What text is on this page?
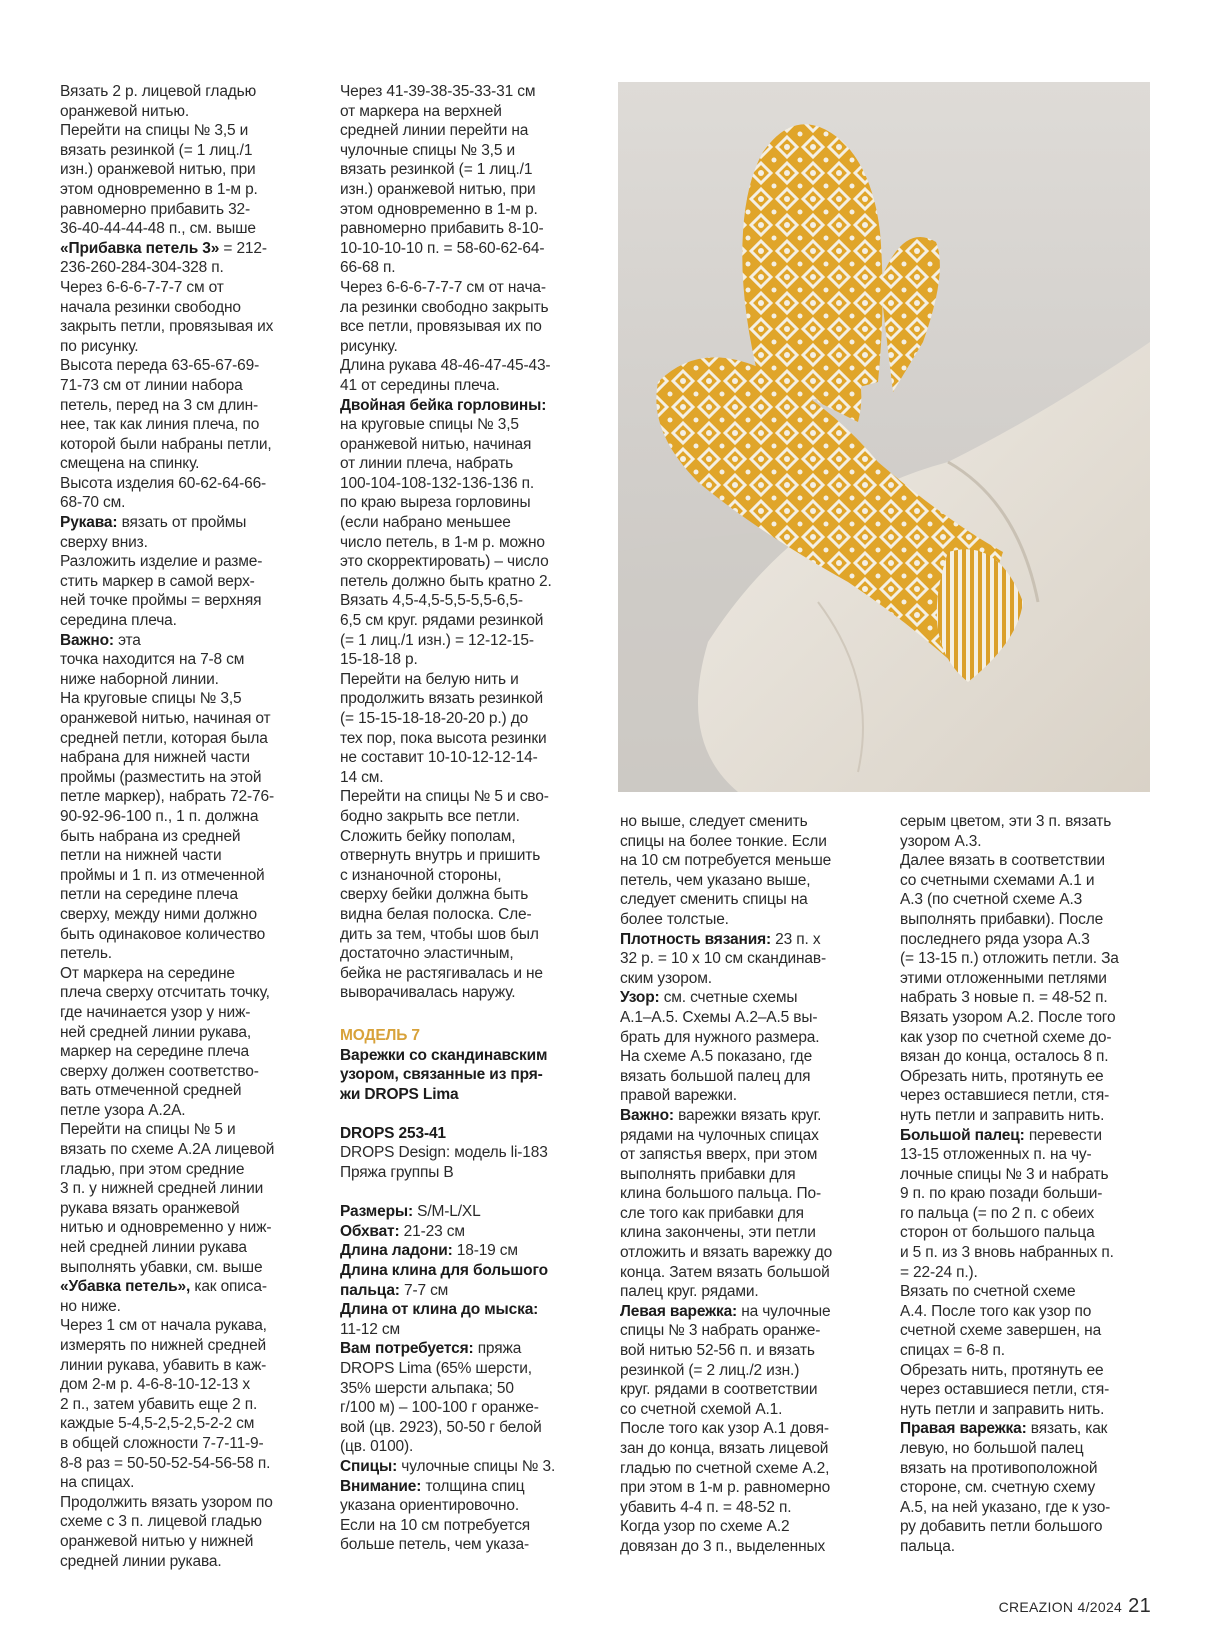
Вязать 2 р. лицевой гладью
оранжевой нитью.

Перейти на спицы № 3,5 и
вязать резинкой (= 1 лиц./1
изн.) оранжевой нитью, при
этом одновременно в 1-м р.
равномерно прибавить 32-
36-40-44-44-48 п., см. выше

«Прибавка петель 3» = 212-
236-260-284-304-328 п.

Через 6-6-6-7-7-7 см от
начала резинки свободно
закрыть петли, провязывая их
по рисунку.

Высота переда 63-65-67-69-
71-73 см от линии набора
петель, перед на 3 см длин-
нее, так как линия плеча, по
которой были набраны петли,
смещена на спинку.

Высота изделия 60-62-64-66-
68-70 см.

Рукава: вязать от проймы
сверху вниз.

Разложить изделие и разме-
стить маркер в самой верх-
ней точке проймы = верхняя
середина плеча.

Важно: эта
точка находится на 7-8 см
ниже наборной линии.

На круговые спицы № 3,5
оранжевой нитью, начиная от
средней петли, которая была
набрана для нижней части
проймы (разместить на этой
петле маркер), набрать 72-76-
90-92-96-100 п., 1 п. должна
быть набрана из средней
петли на нижней части
проймы и 1 п. из отмеченной
петли на середине плеча
сверху, между ними должно
быть одинаковое количество
петель.

От маркера на середине
плеча сверху отсчитать точку,
где начинается узор у ниж-
ней средней линии рукава,
маркер на середине плеча
сверху должен соответство-
вать отмеченной средней
петле узора А.2А.

Перейти на спицы № 5 и
вязать по схеме А.2А лицевой
гладью, при этом средние
3 п. у нижней средней линии
рукава вязать оранжевой
нитью и одновременно у ниж-
ней средней линии рукава
выполнять убавки, см. выше

«Убавка петель», как описа-
но ниже.

Через 1 см от начала рукава,
измерять по нижней средней
линии рукава, убавить в каж-
дом 2-м р. 4-6-8-10-12-13 х
2 п., затем убавить еще 2 п.
каждые 5-4,5-2,5-2,5-2-2 см
в общей сложности 7-7-11-9-
8-8 раз = 50-50-52-54-56-58 п.
на спицах.

Продолжить вязать узором по
схеме с 3 п. лицевой гладью
оранжевой нитью у нижней
средней линии рукава.

Через 41-39-38-35-33-31 см
от маркера на верхней
средней линии перейти на
чулочные спицы № 3,5 и
вязать резинкой (= 1 лиц./1
изн.) оранжевой нитью, при
этом одновременно в 1-м р.
равномерно прибавить 8-10-
10-10-10-10 п. = 58-60-62-64-
66-68 п.

Через 6-6-6-7-7-7 см от нача-
ла резинки свободно закрыть
все петли, провязывая их по
рисунку.

Длина рукава 48-46-47-45-43-
41 от середины плеча.

Двойная бейка горловины:
на круговые спицы № 3,5
оранжевой нитью, начиная
от линии плеча, набрать
100-104-108-132-136-136 п.
по краю выреза горловины
(если набрано меньшее
число петель, в 1-м р. можно
это скорректировать) – число
петель должно быть кратно 2.
Вязать 4,5-4,5-5,5-5,5-6,5-
6,5 см круг. рядами резинкой
(= 1 лиц./1 изн.) = 12-12-15-
15-18-18 р.

Перейти на белую нить и
продолжить вязать резинкой
(= 15-15-18-18-20-20 р.) до
тех пор, пока высота резинки
не составит 10-10-12-12-14-
14 см.

Перейти на спицы № 5 и сво-
бодно закрыть все петли.
Сложить бейку пополам,
отвернуть внутрь и пришить
с изнаночной стороны,
сверху бейки должна быть
видна белая полоска. Сле-
дить за тем, чтобы шов был
достаточно эластичным,
бейка не растягивалась и не
выворачивалась наружу.

МОДЕЛЬ 7

Варежки со скандинавским
узором, связанные из пря-
жи DROPS Lima

DROPS 253-41

DROPS Design: модель li-183
Пряжа группы B

Размеры: S/M-L/XL

Обхват: 21-23 см

Длина ладони: 18-19 см

Длина клина для большого
пальца: 7-7 см

Длина от клина до мыска:
11-12 см

Вам потребуется: пряжа
DROPS Lima (65% шерсти,
35% шерсти альпака; 50
г/100 м) – 100-100 г оранже-
вой (цв. 2923), 50-50 г белой
(цв. 0100).

Спицы: чулочные спицы № 3.

Внимание: толщина спиц
указана ориентировочно.
Если на 10 см потребуется
больше петель, чем указа-

но выше, следует сменить
спицы на более тонкие. Если
на 10 см потребуется меньше
петель, чем указано выше,
следует сменить спицы на
более толстые.

Плотность вязания: 23 п. х
32 р. = 10 х 10 см скандинав-
ским узором.

Узор: см. счетные схемы
А.1–А.5. Схемы А.2–А.5 вы-
брать для нужного размера.
На схеме А.5 показано, где
вязать большой палец для
правой варежки.

Важно: варежки вязать круг.
рядами на чулочных спицах
от запястья вверх, при этом
выполнять прибавки для
клина большого пальца. По-
сле того как прибавки для
клина закончены, эти петли
отложить и вязать варежку до
конца. Затем вязать большой
палец круг. рядами.

Левая варежка: на чулочные
спицы № 3 набрать оранже-
вой нитью 52-56 п. и вязать
резинкой (= 2 лиц./2 изн.)
круг. рядами в соответствии
со счетной схемой А.1.

После того как узор А.1 довя-
зан до конца, вязать лицевой
гладью по счетной схеме А.2,
при этом в 1-м р. равномерно
убавить 4-4 п. = 48-52 п.

Когда узор по схеме А.2
довязан до 3 п., выделенных

серым цветом, эти 3 п. вязать
узором А.3.

Далее вязать в соответствии
со счетными схемами А.1 и
А.3 (по счетной схеме А.3
выполнять прибавки). После
последнего ряда узора А.3
(= 13-15 п.) отложить петли. За
этими отложенными петлями
набрать 3 новые п. = 48-52 п.

Вязать узором А.2. После того
как узор по счетной схеме до-
вязан до конца, осталось 8 п.
Обрезать нить, протянуть ее
через оставшиеся петли, стя-
нуть петли и заправить нить.

Большой палец: перевести
13-15 отложенных п. на чу-
лочные спицы № 3 и набрать
9 п. по краю позади больши-
го пальца (= по 2 п. с обеих
сторон от большого пальца
и 5 п. из 3 вновь набранных п.
= 22-24 п.).

Вязать по счетной схеме
А.4. После того как узор по
счетной схеме завершен, на
спицах = 6-8 п.

Обрезать нить, протянуть ее
через оставшиеся петли, стя-
нуть петли и заправить нить.

Правая варежка: вязать, как
левую, но большой палец
вязать на противоположной
стороне, см. счетную схему
А.5, на ней указано, где к узо-
ру добавить петли большого
пальца.

CREAZION 4/2024 21
